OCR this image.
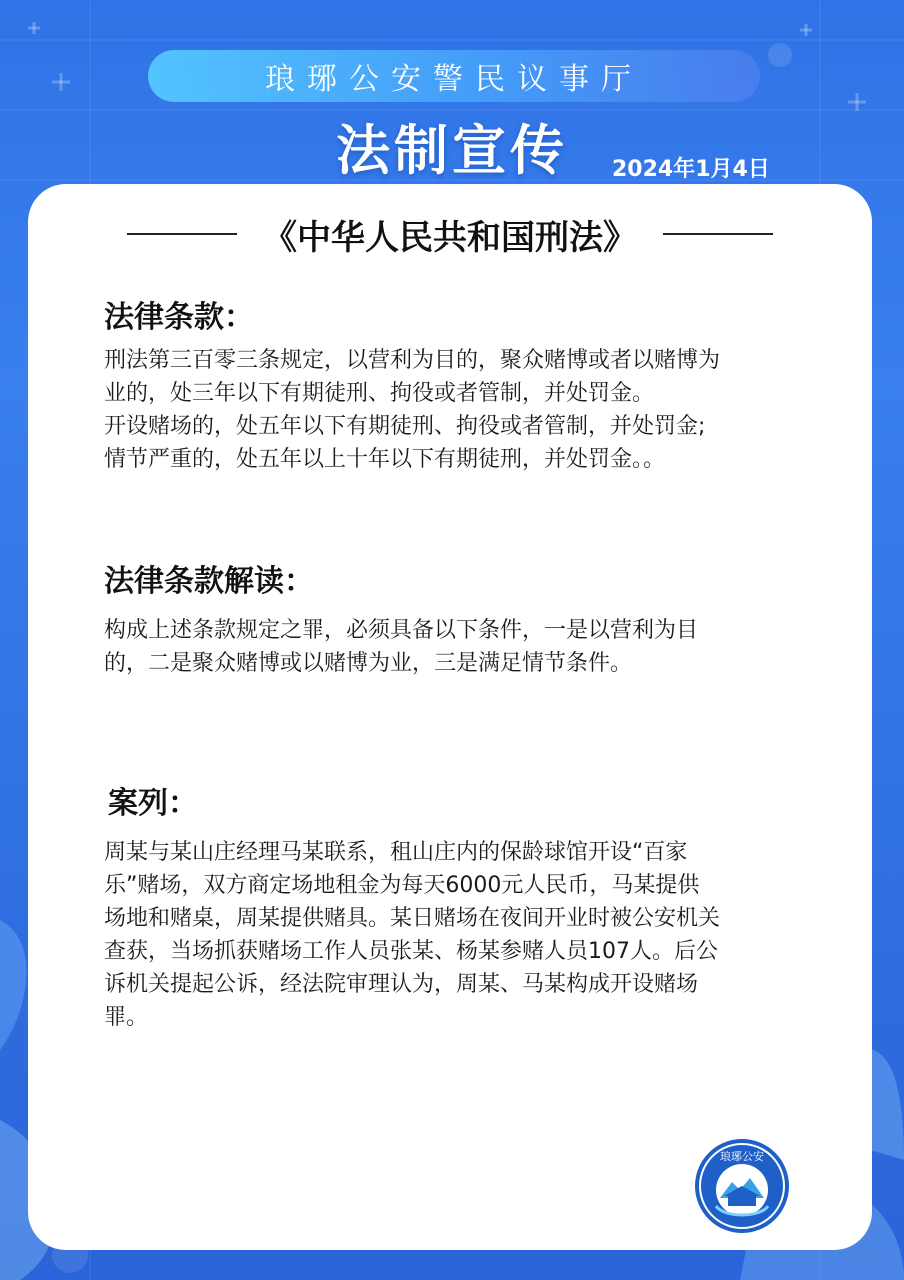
琅琊公安警民议事厅
法制宣传	2024年1月4日
《中华人民共和国刑法》
法律条款：

刑法第三百零三条规定，以营利为目的，聚众赌博或者以赌博为

业的，处三年以下有期徒刑、拘役或者管制，并处罚金。

开设赌场的，处五年以下有期徒刑、拘役或者管制，并处罚金;

情节严重的，处五年以上十年以下有期徒刑，并处罚金。。

法律条款解读：

构成上述条款规定之罪，必须具备以下条件，一是以营利为目

的，二是聚众赌博或以赌博为业，三是满足情节条件。

案列：

周某与某山庄经理马某联系，租山庄内的保龄球馆开设“百家

乐”赌场，双方商定场地租金为每天6000元人民币，马某提供

场地和赌桌，周某提供赌具。某日赌场在夜间开业时被公安机关

查获，当场抓获赌场工作人员张某、杨某参赌人员107人。后公

诉机关提起公诉，经法院审理认为，周某、马某构成开设赌场

罪。

琅琊公安
